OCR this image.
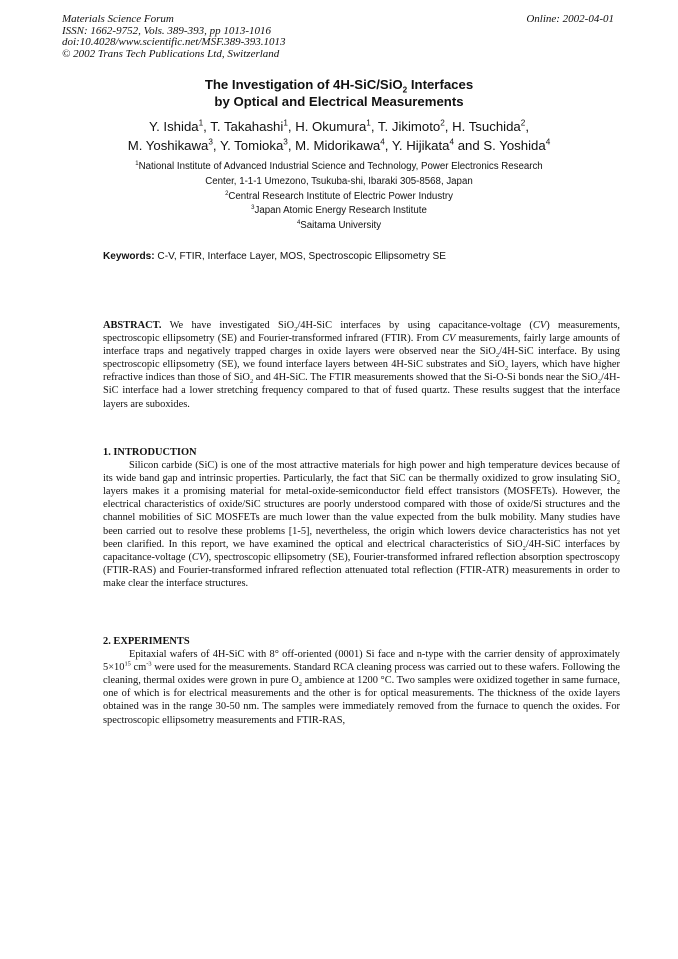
Materials Science Forum
ISSN: 1662-9752, Vols. 389-393, pp 1013-1016
doi:10.4028/www.scientific.net/MSF.389-393.1013
© 2002 Trans Tech Publications Ltd, Switzerland
Online: 2002-04-01
The Investigation of 4H-SiC/SiO$_2$ Interfaces
by Optical and Electrical Measurements
Y. Ishida$^1$, T. Takahashi$^1$, H. Okumura$^1$, T. Jikimoto$^2$, H. Tsuchida$^2$,
M. Yoshikawa$^3$, Y. Tomioka$^3$, M. Midorikawa$^4$, Y. Hijikata$^4$ and S. Yoshida$^4$
$^1$National Institute of Advanced Industrial Science and Technology, Power Electronics Research
Center, 1-1-1 Umezono, Tsukuba-shi, Ibaraki 305-8568, Japan
$^2$Central Research Institute of Electric Power Industry
$^3$Japan Atomic Energy Research Institute
$^4$Saitama University
Keywords: C-V, FTIR, Interface Layer, MOS, Spectroscopic Ellipsometry SE

ABSTRACT. We have investigated SiO$_2$/4H-SiC interfaces by using capacitance-voltage (CV) measurements, spectroscopic ellipsometry (SE) and Fourier-transformed infrared (FTIR). From CV measurements, fairly large amounts of interface traps and negatively trapped charges in oxide layers were observed near the SiO$_2$/4H-SiC interface. By using spectroscopic ellipsometry (SE), we found interface layers between 4H-SiC substrates and SiO$_2$ layers, which have higher refractive indices than those of SiO$_2$ and 4H-SiC. The FTIR measurements showed that the Si-O-Si bonds near the SiO$_2$/4H-SiC interface had a lower stretching frequency compared to that of fused quartz. These results suggest that the interface layers are suboxides.

1. INTRODUCTION

Silicon carbide (SiC) is one of the most attractive materials for high power and high temperature devices because of its wide band gap and intrinsic properties. Particularly, the fact that SiC can be thermally oxidized to grow insulating SiO$_2$ layers makes it a promising material for metal-oxide-semiconductor field effect transistors (MOSFETs). However, the electrical characteristics of oxide/SiC structures are poorly understood compared with those of oxide/Si structures and the channel mobilities of SiC MOSFETs are much lower than the value expected from the bulk mobility. Many studies have been carried out to resolve these problems [1-5], nevertheless, the origin which lowers device characteristics has not yet been clarified. In this report, we have examined the optical and electrical characteristics of SiO$_2$/4H-SiC interfaces by capacitance-voltage (CV), spectroscopic ellipsometry (SE), Fourier-transformed infrared reflection absorption spectroscopy (FTIR-RAS) and Fourier-transformed infrared reflection attenuated total reflection (FTIR-ATR) measurements in order to make clear the interface structures.

2. EXPERIMENTS

Epitaxial wafers of 4H-SiC with 8° off-oriented (0001) Si face and n-type with the carrier density of approximately $5\times 10^{15}$ $cm^{-3}$ were used for the measurements. Standard RCA cleaning process was carried out to these wafers. Following the cleaning, thermal oxides were grown in pure $O_2$ ambience at 1200 °C. Two samples were oxidized together in same furnace, one of which is for electrical measurements and the other is for optical measurements. The thickness of the oxide layers obtained was in the range 30-50 nm. The samples were immediately removed from the furnace to quench the oxides. For spectroscopic ellipsometry measurements and FTIR-RAS,
